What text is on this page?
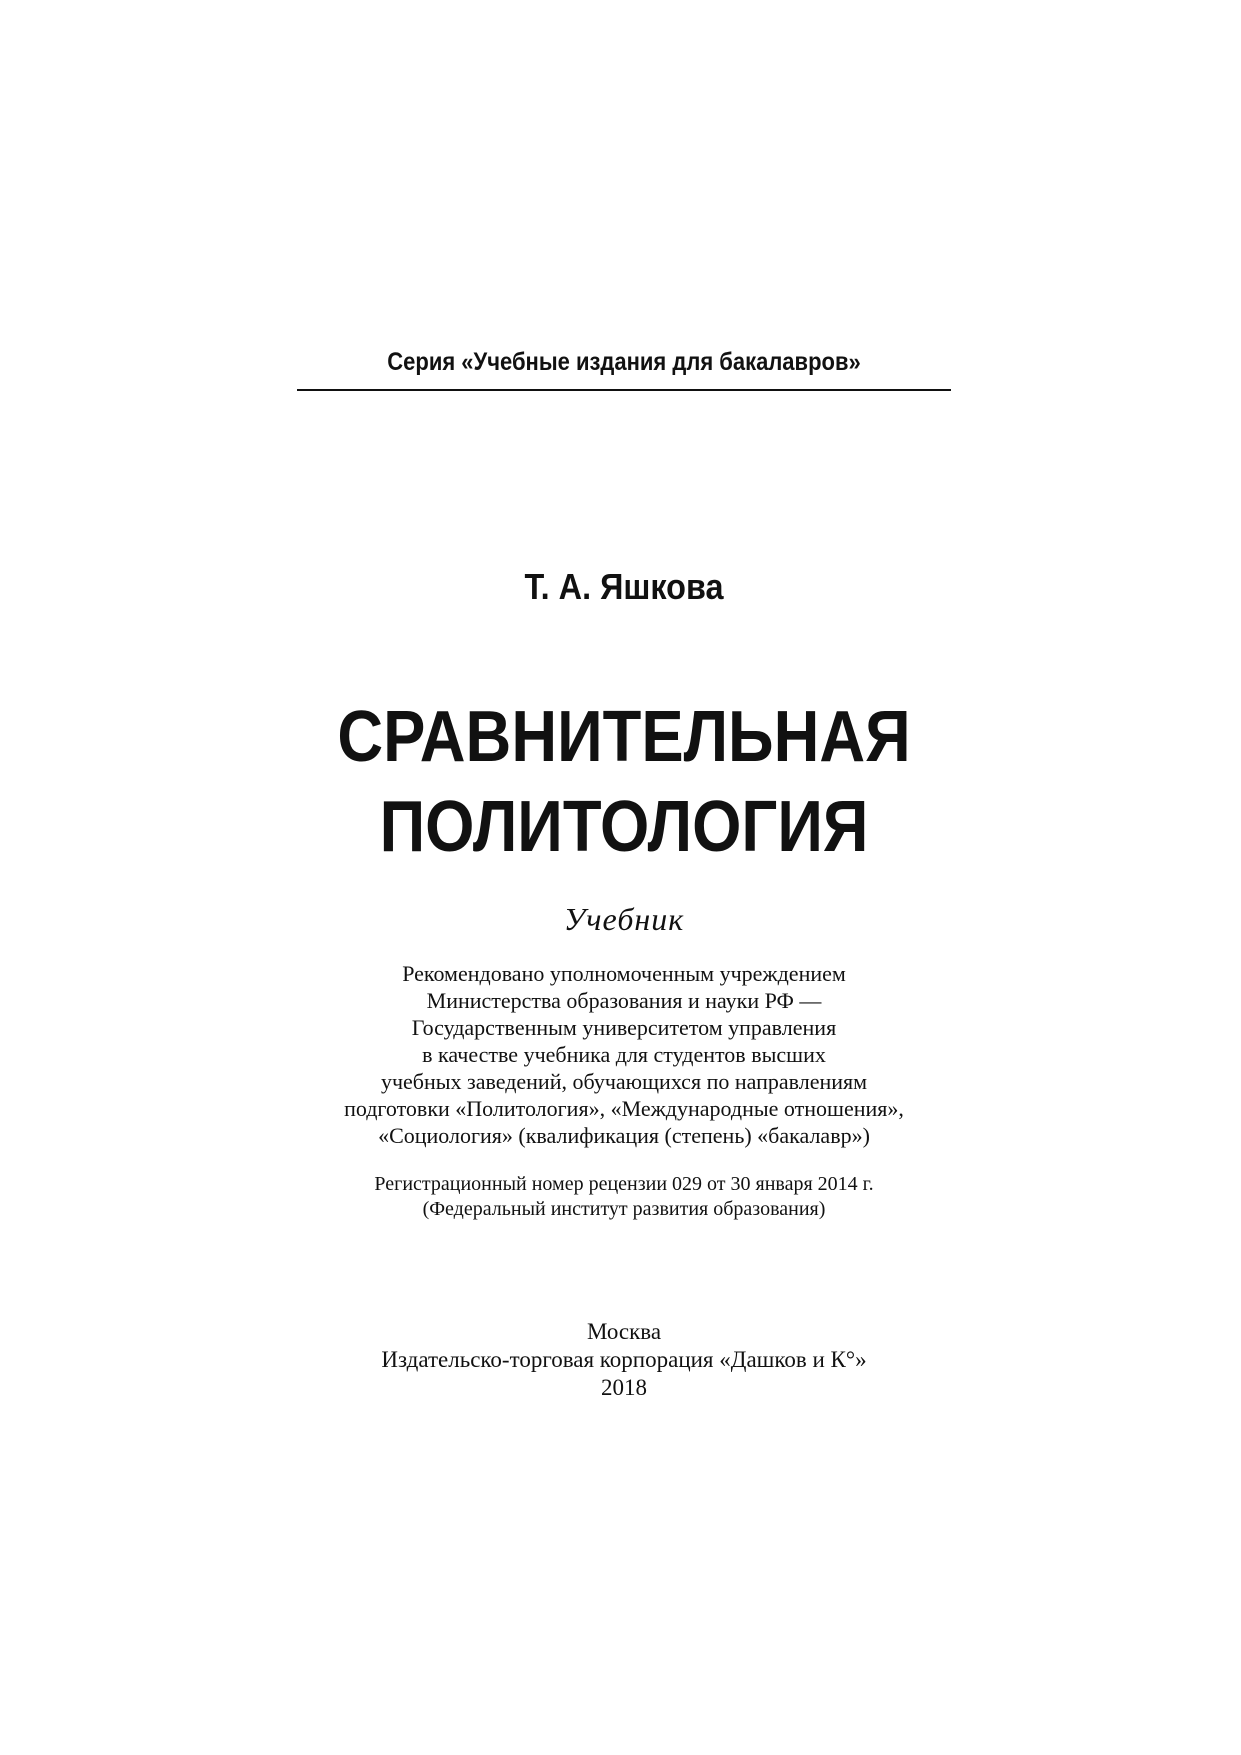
Серия «Учебные издания для бакалавров»
Т. А. Яшкова
СРАВНИТЕЛЬНАЯ
ПОЛИТОЛОГИЯ
Учебник
Рекомендовано уполномоченным учреждением
Министерства образования и науки РФ —
Государственным университетом управления
в качестве учебника для студентов высших
учебных заведений, обучающихся по направлениям
подготовки «Политология», «Международные отношения»,
«Социология» (квалификация (степень) «бакалавр»)
Регистрационный номер рецензии 029 от 30 января 2014 г.
(Федеральный институт развития образования)
Москва
Издательско-торговая корпорация «Дашков и К°»
2018
